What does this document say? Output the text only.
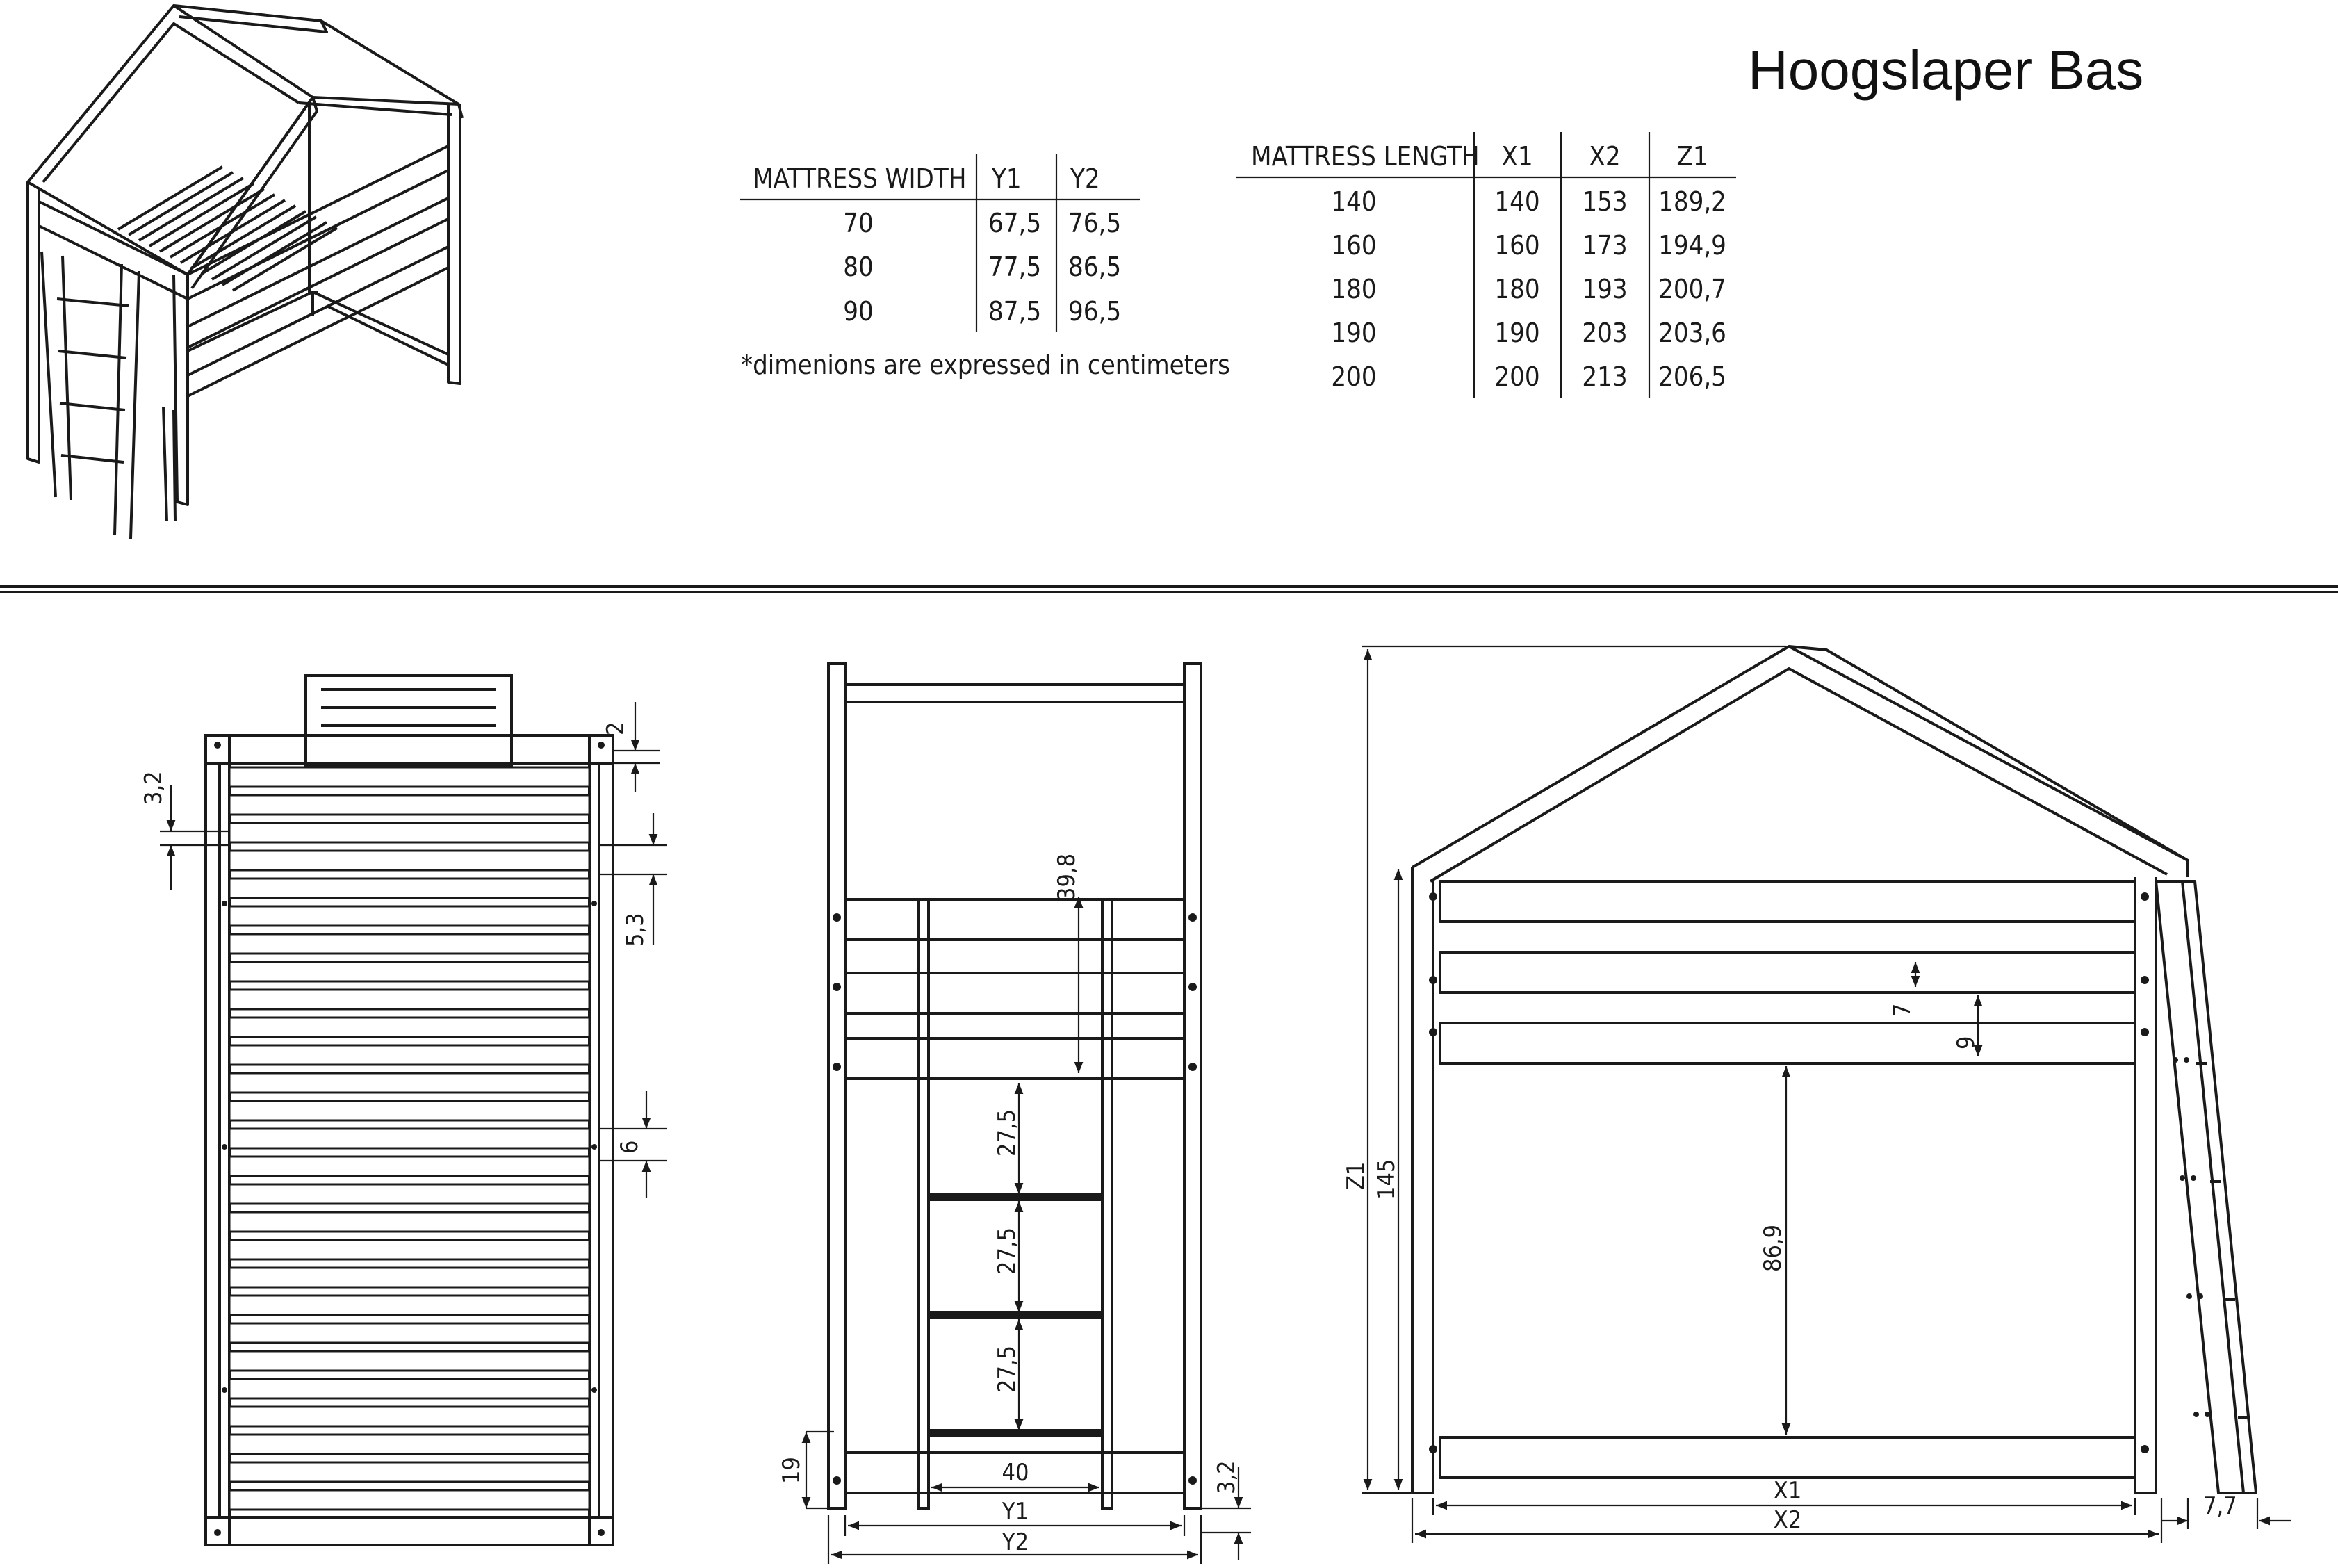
Hoogslaper Bas
MATTRESS WIDTH Y1 Y2
70	67,5 76,5
80	77,5 86,5
90	87,5 96,5
*dimenions are expressed in centimeters
MATTRESS LENGTH X1 X2 Z1
140	140 153 189,2
160	160 173 194,9
180	180 193 200,7
190	190 203 203,6
200	200 213 206,5
2
3,2
5,3
6
39,8
27,5
27,5
27,5
19	3,2
40
Y1
Y2
Z1 145
7
9
86,9
X1
X2	7,7
